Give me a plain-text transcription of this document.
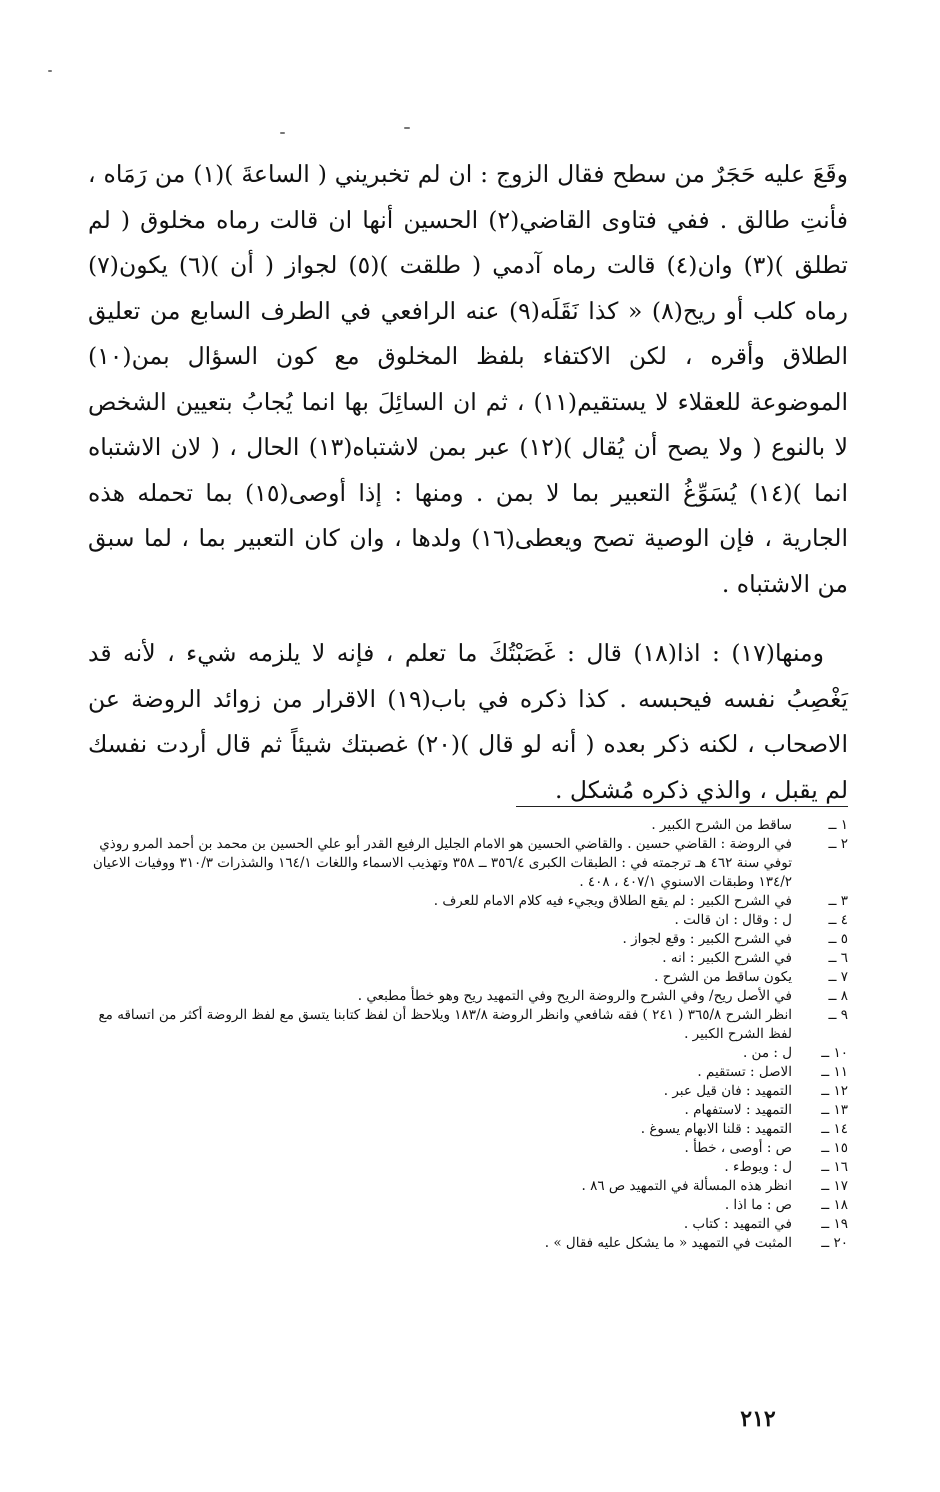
وقَعَ عليه حَجَرٌ من سطح فقال الزوج : ان لم تخبريني ( الساعةَ )(١) من رَمَاه ، فأنتِ طالق . ففي فتاوى القاضي(٢) الحسين أنها ان قالت رماه مخلوق ( لم تطلق )(٣) وان(٤) قالت رماه آدمي ( طلقت )(٥) لجواز ( أن )(٦) يكون(٧) رماه كلب أو ريح(٨) « كذا نَقَلَه(٩) عنه الرافعي في الطرف السابع من تعليق الطلاق وأقره ، لكن الاكتفاء بلفظ المخلوق مع كون السؤال بمن(١٠) الموضوعة للعقلاء لا يستقيم(١١) ، ثم ان السائِلَ بها انما يُجابُ بتعيين الشخص لا بالنوع ( ولا يصح أن يُقال )(١٢) عبر بمن لاشتباه(١٣) الحال ، ( لان الاشتباه انما )(١٤) يُسَوِّغُ التعبير بما لا بمن . ومنها : إذا أوصى(١٥) بما تحمله هذه الجارية ، فإن الوصية تصح ويعطى(١٦) ولدها ، وان كان التعبير بما ، لما سبق من الاشتباه .

ومنها(١٧) : اذا(١٨) قال : غَصَبْتُكَ ما تعلم ، فإنه لا يلزمه شيء ، لأنه قد يَغْصِبُ نفسه فيحبسه . كذا ذكره في باب(١٩) الاقرار من زوائد الروضة عن الاصحاب ، لكنه ذكر بعده ( أنه لو قال )(٢٠) غصبتك شيئاً ثم قال أردت نفسك لم يقبل ، والذي ذكره مُشكل .

١ ــ
ساقط من الشرح الكبير .
٢ ــ
في الروضة : القاضي حسين . والقاضي الحسين هو الامام الجليل الرفيع القدر أبو علي الحسين بن محمد بن أحمد المرو روذي توفي سنة ٤٦٢ هـ ترجمته في : الطبقات الكبرى ٣٥٦/٤ ــ ٣٥٨ وتهذيب الاسماء واللغات ١٦٤/١ والشذرات ٣١٠/٣ ووفيات الاعيان ١٣٤/٢ وطبقات الاسنوي ٤٠٧/١ ، ٤٠٨ .
٣ ــ
في الشرح الكبير : لم يقع الطلاق ويجيء فيه كلام الامام للعرف .
٤ ــ
ل : وقال : ان قالت .
٥ ــ
في الشرح الكبير : وقع لجواز .
٦ ــ
في الشرح الكبير : انه .
٧ ــ
يكون ساقط من الشرح .
٨ ــ
في الأصل ريح/ وفي الشرح والروضة الريح وفي التمهيد ريح وهو خطأ مطبعي .
٩ ــ
انظر الشرح ٣٦٥/٨ ( ٢٤١ ) فقه شافعي وانظر الروضة ١٨٣/٨ ويلاحظ أن لفظ كتابنا يتسق مع لفظ الروضة أكثر من اتساقه مع لفظ الشرح الكبير .
١٠ ــ
ل : من .
١١ ــ
الاصل : تستقيم .
١٢ ــ
التمهيد : فان قيل عبر .
١٣ ــ
التمهيد : لاستفهام .
١٤ ــ
التمهيد : قلنا الابهام يسوغ .
١٥ ــ
ص : أوصى ، خطأ .
١٦ ــ
ل : ويوطء .
١٧ ــ
انظر هذه المسألة في التمهيد ص ٨٦ .
١٨ ــ
ص : ما اذا .
١٩ ــ
في التمهيد : كتاب .
٢٠ ــ
المثبت في التمهيد « ما يشكل عليه فقال » .
٢١٢
